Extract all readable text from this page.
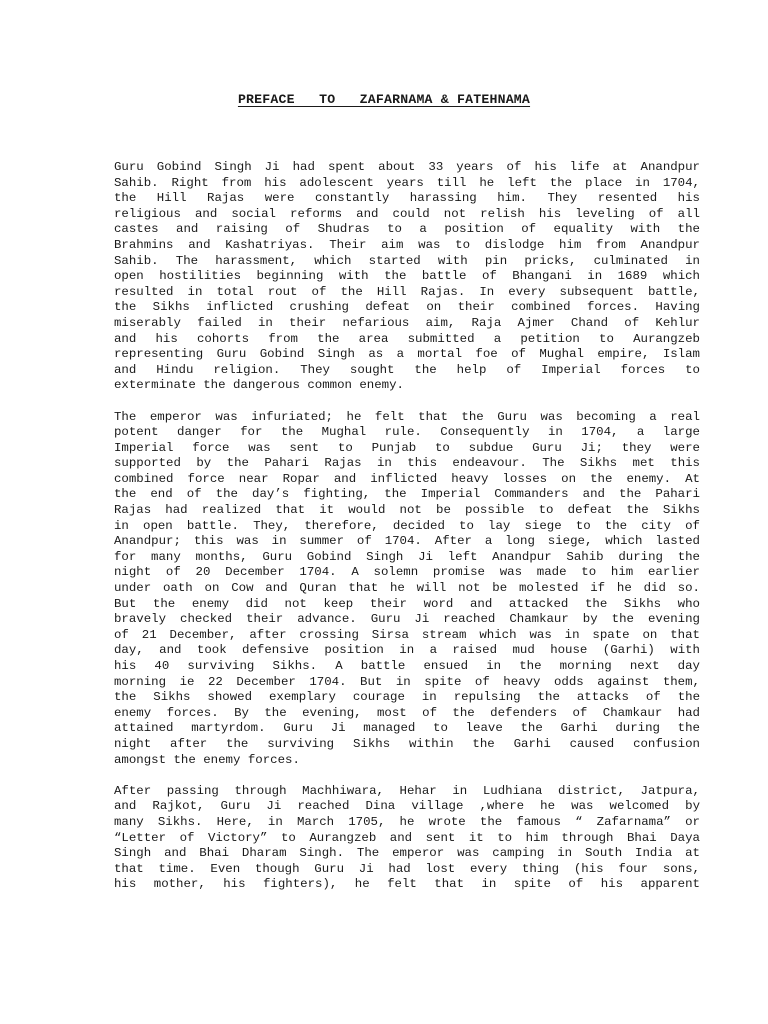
PREFACE   TO   ZAFARNAMA & FATEHNAMA

Guru Gobind Singh Ji had spent about 33 years of his life at Anandpur
Sahib. Right from his adolescent years till he left the place in 1704,
the Hill Rajas were constantly harassing him. They resented his
religious and social reforms and could not relish his leveling of all
castes and raising of Shudras to a position of equality with the
Brahmins and Kashatriyas. Their aim was to dislodge him from Anandpur
Sahib. The harassment, which started with pin pricks, culminated in
open hostilities beginning with the battle of Bhangani in 1689 which
resulted in total rout of the Hill Rajas. In every subsequent battle,
the Sikhs inflicted crushing defeat on their combined forces. Having
miserably failed in their nefarious aim, Raja Ajmer Chand of Kehlur
and his cohorts from the area submitted a petition to Aurangzeb
representing Guru Gobind Singh as a mortal foe of Mughal empire, Islam
and Hindu religion. They sought the help of Imperial forces to
exterminate the dangerous common enemy.

The emperor was infuriated; he felt that the Guru was becoming a real
potent danger for the Mughal rule. Consequently in 1704, a large
Imperial force was sent to Punjab to subdue Guru Ji; they were
supported by the Pahari Rajas in this endeavour. The Sikhs met this
combined force near Ropar and inflicted heavy losses on the enemy. At
the end of the day’s fighting, the Imperial Commanders and the Pahari
Rajas had realized that it would not be possible to defeat the Sikhs
in open battle. They, therefore, decided to lay siege to the city of
Anandpur; this was in summer of 1704. After a long siege, which lasted
for many months, Guru Gobind Singh Ji left Anandpur Sahib during the
night of 20 December 1704. A solemn promise was made to him earlier
under oath on Cow and Quran that he will not be molested if he did so.
But the enemy did not keep their word and attacked the Sikhs who
bravely checked their advance. Guru Ji reached Chamkaur by the evening
of 21 December, after crossing Sirsa stream which was in spate on that
day, and took defensive position in a raised mud house (Garhi) with
his 40 surviving Sikhs. A battle ensued in the morning next day
morning ie 22 December 1704. But in spite of heavy odds against them,
the Sikhs showed exemplary courage in repulsing the attacks of the
enemy forces. By the evening, most of the defenders of Chamkaur had
attained martyrdom. Guru Ji managed to leave the Garhi during the
night after the surviving Sikhs within the Garhi caused confusion
amongst the enemy forces.

After passing through Machhiwara, Hehar in Ludhiana district, Jatpura,
and Rajkot, Guru Ji reached Dina village ,where he was welcomed by
many Sikhs. Here, in March 1705, he wrote the famous “ Zafarnama” or
“Letter of Victory” to Aurangzeb and sent it to him through Bhai Daya
Singh and Bhai Dharam Singh. The emperor was camping in South India at
that time. Even though Guru Ji had lost every thing (his four sons,
his mother, his fighters), he felt that in spite of his apparent
